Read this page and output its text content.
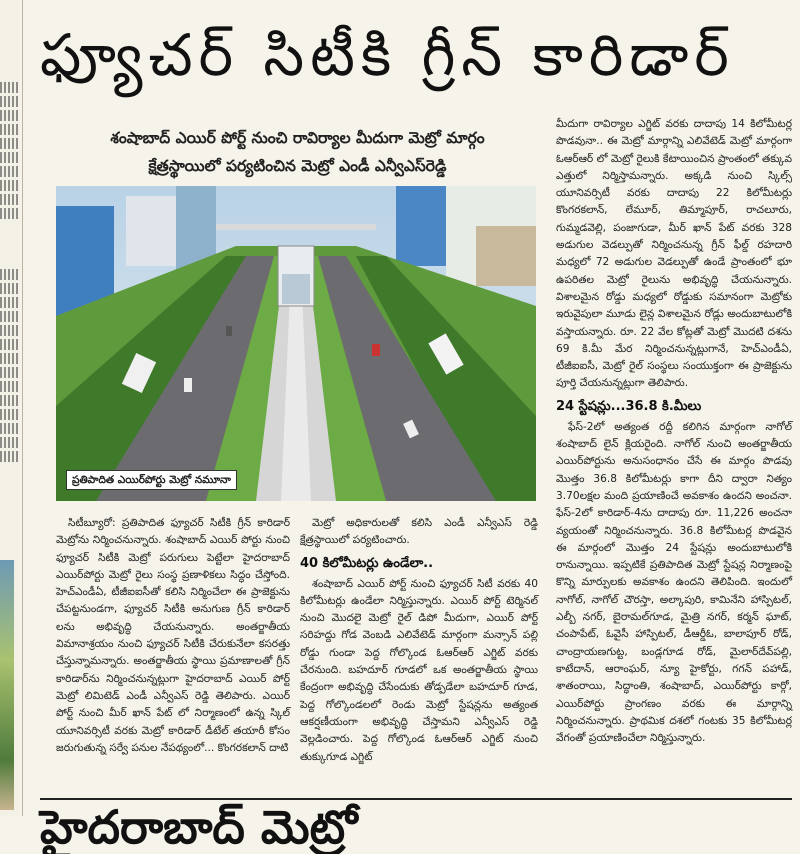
ఫ్యూచర్ సిటీకి గ్రీన్ కారిడార్
శంషాబాద్ ఎయిర్ పోర్ట్ నుంచి రావిర్యాల మీదుగా మెట్రో మార్గం
క్షేత్రస్థాయిలో పర్యటించిన మెట్రో ఎండీ ఎన్వీఎస్‌రెడ్డి
ప్రతిపాదిత ఎయిర్‌పోర్టు మెట్రో నమూనా
సిటీబ్యూరో: ప్రతిపాదిత ఫ్యూచర్ సిటీకి గ్రీన్ కారిడార్ మెట్రోను నిర్మించనున్నారు. శంషాబాద్ ఎయిర్ పోర్టు నుంచి ఫ్యూచర్ సిటీకి మెట్రో పరుగులు పెట్టేలా హైదరాబాద్ ఎయిర్‌పోర్టు మెట్రో రైలు సంస్థ ప్రణాళికలు సిద్ధం చేస్తోంది. హెచ్ఎండీఏ, టీజీఐఐసీతో కలిసి నిర్మించేలా ఈ ప్రాజెక్టును చేపట్టనుండగా, ఫ్యూచర్ సిటీకి అనుగుణ గ్రీన్ కారిడార్ లను అభివృద్ధి చేయనున్నారు. అంతర్జాతీయ విమానాశ్రయం నుంచి ఫ్యూచర్ సిటీకి చేరుకునేలా కసరత్తు చేస్తున్నామన్నారు. అంతర్జాతీయ స్థాయి ప్రమాణాలతో గ్రీన్ కారిడార్‌ను నిర్మించనున్నట్లుగా హైదరాబాద్ ఎయిర్ పోర్ట్ మెట్రో లిమిటెడ్ ఎండీ ఎన్వీఎస్ రెడ్డి తెలిపారు. ఎయిర్ పోర్ట్ నుంచి మీర్ ఖాన్ పేట్ లో నిర్మాణంలో ఉన్న స్కిల్ యూనివర్సిటీ వరకు మెట్రో కారిడార్ డీటేల్ తయారీ కోసం జరుగుతున్న సర్వే పనుల నేపథ్యంలో... కొంగరకలాన్ దాటి
మెట్రో అధికారులతో కలిసి ఎండీ ఎన్వీఎస్ రెడ్డి క్షేత్రస్థాయిలో పర్యటించారు.
40 కిలోమీటర్లు ఉండేలా..
శంషాబాద్ ఎయిర్ పోర్ట్ నుంచి ఫ్యూచర్ సిటీ వరకు 40 కిలోమీటర్లు ఉండేలా నిర్మిస్తున్నారు. ఎయిర్ పోర్ట్ టెర్మినల్ నుంచి మొదలై మెట్రో రైల్ డిపో మీదుగా, ఎయిర్ పోర్ట్ సరిహద్దు గోడ వెంబడి ఎలివేటెడ్ మార్గంగా మన్సాన్ పల్లి రోడ్డు గుండా పెద్ద గోల్కొండ ఓఆర్ఆర్ ఎగ్జిట్ వరకు చేరనుంది. బహదూర్ గూడలో ఒక అంతర్జాతీయ స్థాయి కేంద్రంగా అభివృద్ధి చేసేందుకు తోడ్పడేలా బహదూర్ గూడ, పెద్ద గోల్కొండలలో రెండు మెట్రో స్టేషన్లను అత్యంత ఆకర్షణీయంగా అభివృద్ధి చేస్తామని ఎన్వీఎస్ రెడ్డి వెల్లడించారు. పెద్ద గోల్కొండ ఓఆర్ఆర్ ఎగ్జిట్ నుంచి తుక్కుగూడ ఎగ్జిట్
మీదుగా రావిర్యాల ఎగ్జిట్ వరకు దాదాపు 14 కిలోమీటర్ల పొడవునా.. ఈ మెట్రో మార్గాన్ని ఎలివేటెడ్ మెట్రో మార్గంగా ఓఆర్ఆర్ లో మెట్రో రైలుకి కేటాయించిన ప్రాంతంలో తక్కువ ఎత్తులో నిర్మిస్తామన్నారు. అక్కడి నుంచి స్కిల్స్ యూనివర్సిటీ వరకు దాదాపు 22 కిలోమీటర్లు కొంగరకలాన్, లేమూర్, తిమ్మాపూర్, రాచలూరు, గుమ్మడవెల్లి, పంజాగుడా, మీర్ ఖాన్ పేట్ వరకు 328 అడుగుల వెడల్పుతో నిర్మించనున్న గ్రీన్ ఫీల్డ్ రహదారి మధ్యలో 72 అడుగుల వెడల్పుతో ఉండే ప్రాంతంలో భూ ఉపరితల మెట్రో రైలును అభివృద్ధి చేయనున్నారు. విశాలమైన రోడ్డు మధ్యలో రోడ్డుకు సమానంగా మెట్రోకు ఇరువైపులా మూడు లైన్ల విశాలమైన రోడ్లు అందుబాటులోకి వస్తాయన్నారు. రూ. 22 వేల కోట్లతో మెట్రో మొదటి దశను 69 కి.మీ మేర నిర్మించనున్నట్లుగానే, హెచ్ఎండీఏ, టీజీఐఐసీ, మెట్రో రైల్ సంస్థలు సంయుక్తంగా ఈ ప్రాజెక్టును పూర్తి చేయనున్నట్లుగా తెలిపారు.
24 స్టేషన్లు...36.8 కి.మీలు
ఫేస్-2లో అత్యంత రద్దీ కలిగిన మార్గంగా నాగోల్ శంషాబాద్ లైన్ క్లియరైంది. నాగోల్ నుంచి అంతర్జాతీయ ఎయిర్‌పోర్టును అనుసంధానం చేసే ఈ మార్గం పొడవు మొత్తం 36.8 కిలోమీటర్లు కాగా దీని ద్వారా నిత్యం 3.70లక్షల మంది ప్రయాణించే అవకాశం ఉందని అంచనా. ఫేస్-2లో కారిడార్-4ను దాదాపు రూ. 11,226 అంచనా వ్యయంతో నిర్మించనున్నారు. 36.8 కిలోమీటర్ల పొడవైన ఈ మార్గంలో మొత్తం 24 స్టేషన్లు అందుబాటులోకి రానున్నాయి. ఇప్పటికే ప్రతిపాదిత మెట్రో స్టేషన్ల నిర్మాణంపై కొన్ని మార్పులకు అవకాశం ఉందని తెలిపింది. ఇందులో నాగోల్, నాగోల్ చౌరస్తా, అల్కాపురి, కామినేని హాస్పిటల్, ఎల్బీ నగర్, బైరామల్‌గూడ, మైత్రి నగర్, కర్మన్ ఘాట్, చంపాపేట్, ఓవైసీ హాస్పిటల్, డీఆర్డీఓ, బాలాపూర్ రోడ్, చాంద్రాయణగుట్ట, బండ్లగూడ రోడ్, మైలార్‌దేవ్‌పల్లి, కాటేదాన్, ఆరాంఘర్, న్యూ హైకోర్టు, గగన్ పహాడ్, శాతంరాయి, సిద్ధాంతి, శంషాబాద్, ఎయిర్‌పోర్టు కార్గో, ఎయిర్‌పోర్టు ప్రాంగణం వరకు ఈ మార్గాన్ని నిర్మించనున్నారు. ప్రాథమిక దశలో గంటకు 35 కిలోమీటర్ల వేగంతో ప్రయాణించేలా నిర్మిస్తున్నారు.
హైదరాబాద్ మెట్రో
